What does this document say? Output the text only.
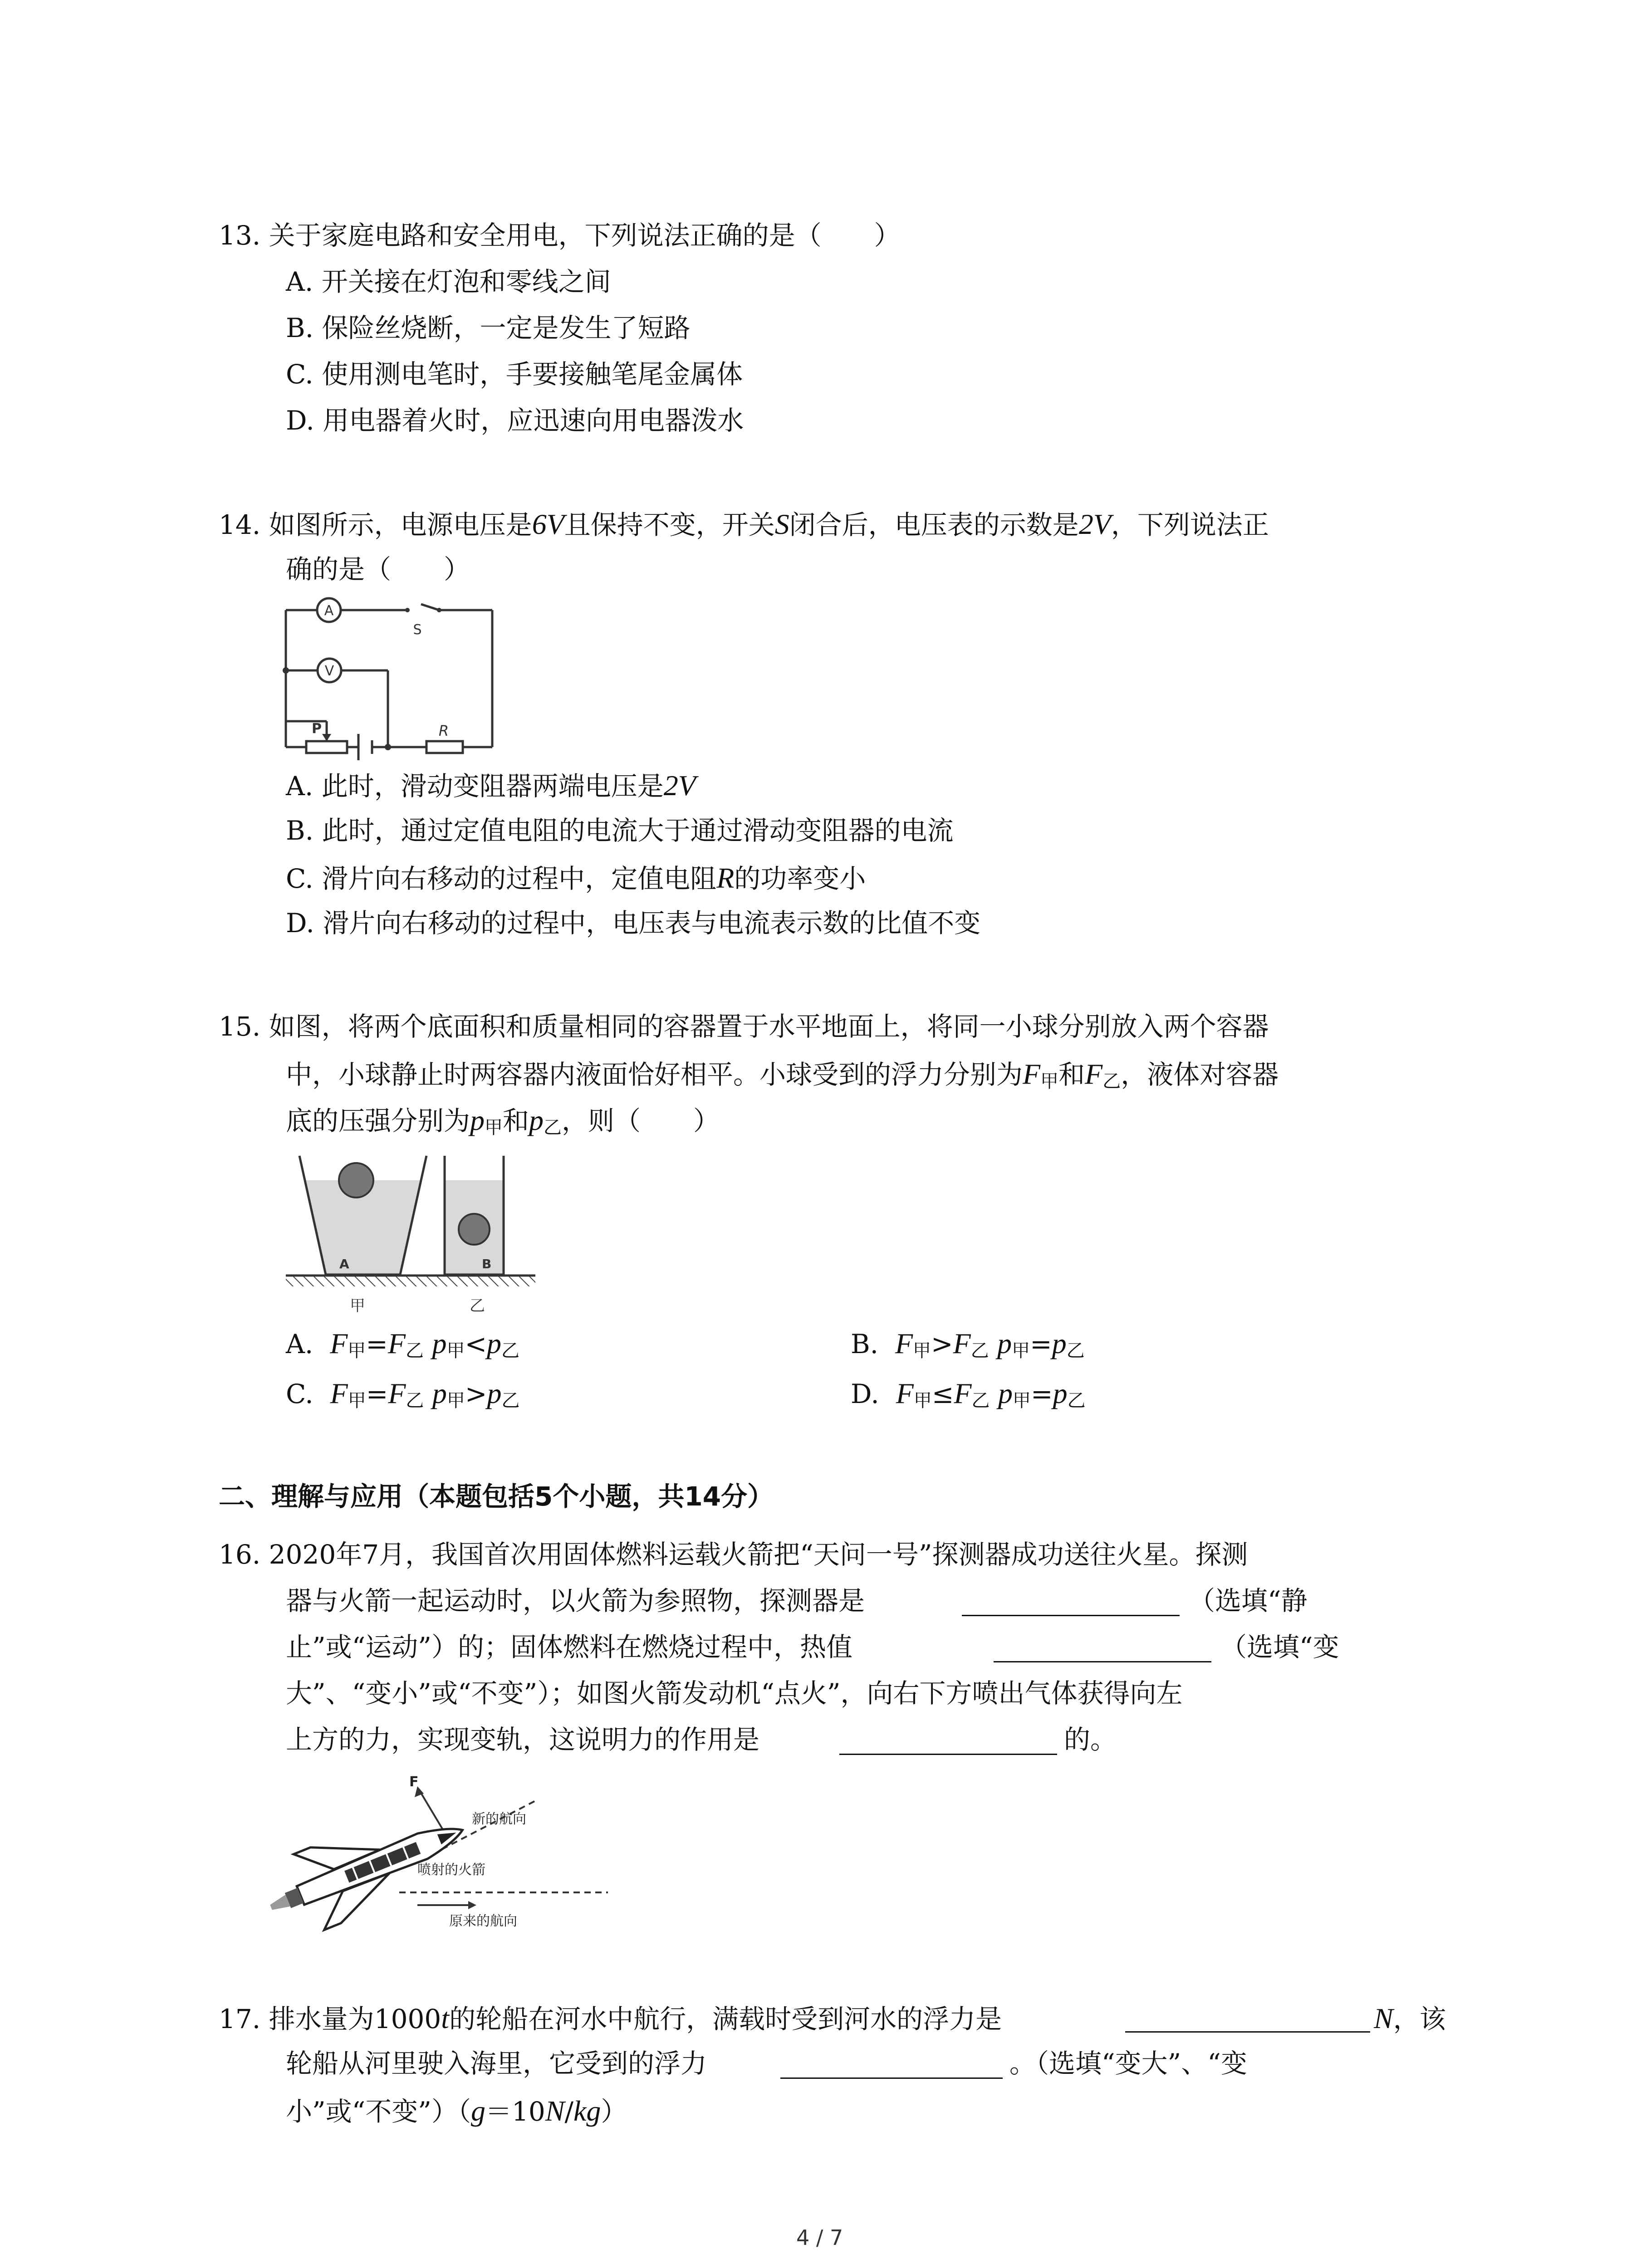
13. 关于家庭电路和安全用电，下列说法正确的是（　　）
A. 开关接在灯泡和零线之间
B. 保险丝烧断，一定是发生了短路
C. 使用测电笔时，手要接触笔尾金属体
D. 用电器着火时，应迅速向用电器泼水
14. 如图所示，电源电压是6V且保持不变，开关S闭合后，电压表的示数是2V，下列说法正
确的是（　　）
A
V
S
P	R
A. 此时，滑动变阻器两端电压是2V
B. 此时，通过定值电阻的电流大于通过滑动变阻器的电流
C. 滑片向右移动的过程中，定值电阻R的功率变小
D. 滑片向右移动的过程中，电压表与电流表示数的比值不变
15. 如图，将两个底面积和质量相同的容器置于水平地面上，将同一小球分别放入两个容器
中，小球静止时两容器内液面恰好相平。小球受到的浮力分别为$F_甲$和$F_乙$，液体对容器
底的压强分别为$p_甲$和$p_乙$，则（　　）
A	B
甲	乙
A. $F_甲=F_乙$ $p_甲<p_乙$	B. $F_甲>F_乙$ $p_甲=p_乙$
C. $F_甲=F_乙$ $p_甲>p_乙$	D. $F_甲\le F_乙$ $p_甲=p_乙$
二、理解与应用（本题包括5个小题，共14分）
16. 2020年7月，我国首次用固体燃料运载火箭把“天问一号”探测器成功送往火星。探测
器与火箭一起运动时，以火箭为参照物，探测器是	（选填“静
止”或“运动”）的；固体燃料在燃烧过程中，热值	（选填“变
大”、“变小”或“不变”）；如图火箭发动机“点火”，向右下方喷出气体获得向左
上方的力，实现变轨，这说明力的作用是	的。
F
新的航向
喷射的火箭
原来的航向
17. 排水量为1000t的轮船在河水中航行，满载时受到河水的浮力是	N，该
轮船从河里驶入海里，它受到的浮力	。（选填“变大”、“变
小”或“不变”）（g＝10N/kg）
4 / 7
